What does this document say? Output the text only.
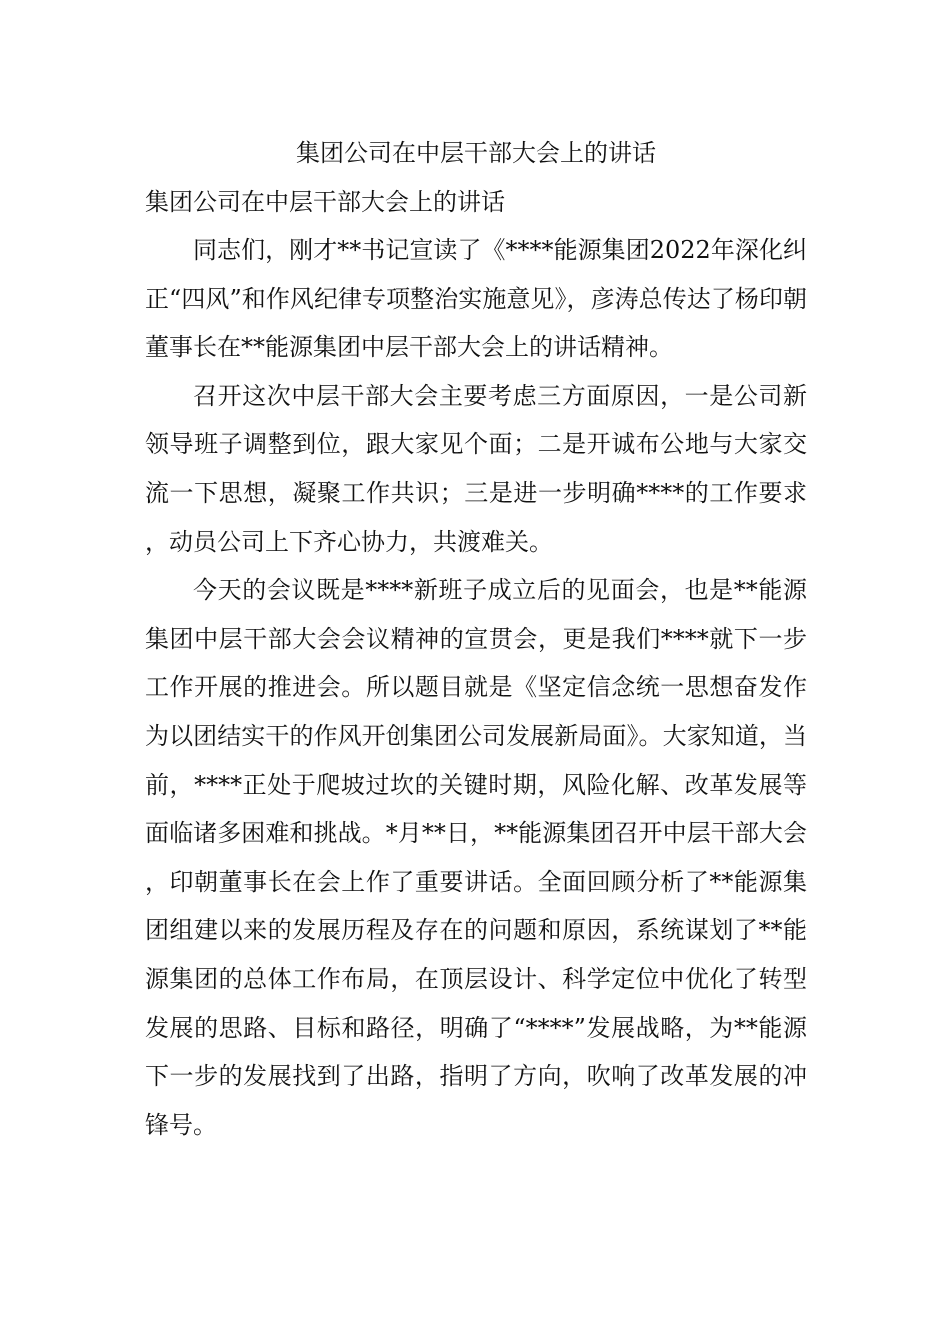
集团公司在中层干部大会上的讲话
集团公司在中层干部大会上的讲话

同志们，刚才**书记宣读了《****能源集团2022年深化纠正“四风”和作风纪律专项整治实施意见》，彦涛总传达了杨印朝董事长在**能源集团中层干部大会上的讲话精神。

召开这次中层干部大会主要考虑三方面原因，一是公司新领导班子调整到位，跟大家见个面；二是开诚布公地与大家交流一下思想，凝聚工作共识；三是进一步明确****的工作要求，动员公司上下齐心协力，共渡难关。

今天的会议既是****新班子成立后的见面会，也是**能源集团中层干部大会会议精神的宣贯会，更是我们****就下一步工作开展的推进会。所以题目就是《坚定信念统一思想奋发作为以团结实干的作风开创集团公司发展新局面》。大家知道，当前，****正处于爬坡过坎的关键时期，风险化解、改革发展等面临诸多困难和挑战。*月**日，**能源集团召开中层干部大会，印朝董事长在会上作了重要讲话。全面回顾分析了**能源集团组建以来的发展历程及存在的问题和原因，系统谋划了**能源集团的总体工作布局，在顶层设计、科学定位中优化了转型发展的思路、目标和路径，明确了“****”发展战略，为**能源下一步的发展找到了出路，指明了方向，吹响了改革发展的冲锋号。
